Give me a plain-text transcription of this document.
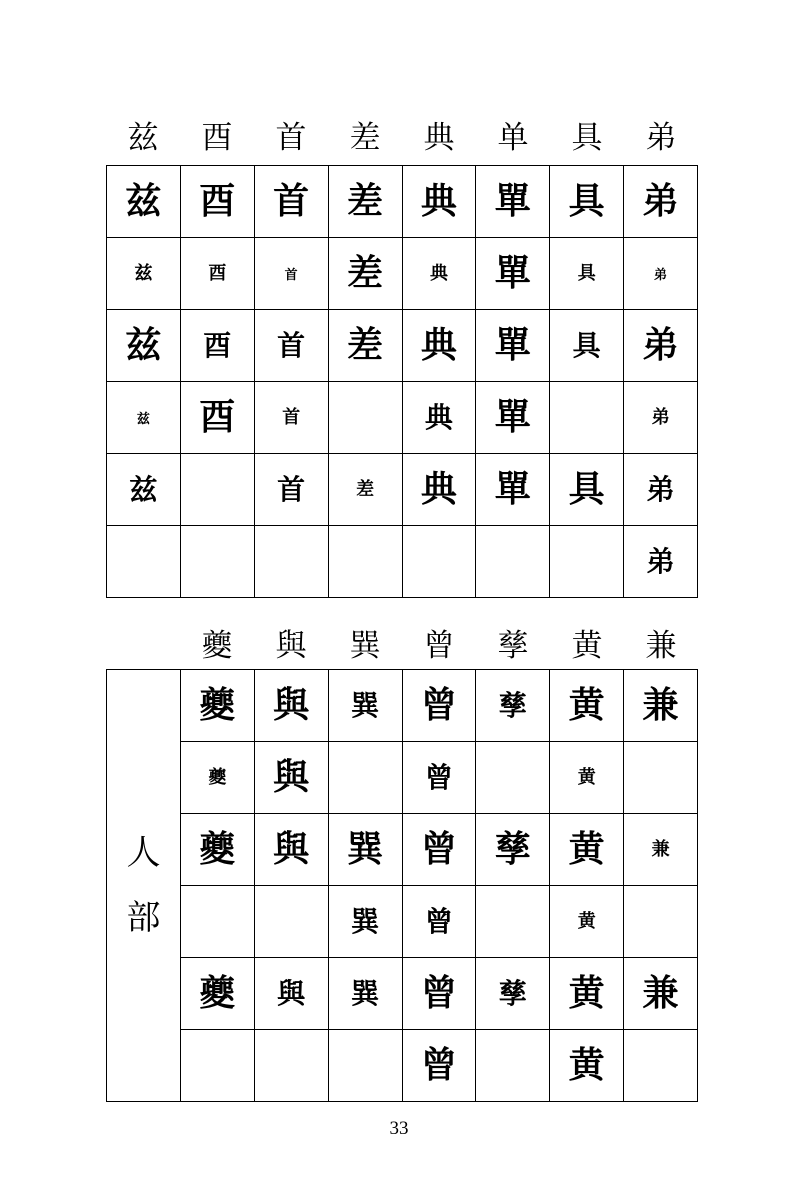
兹	酉	首	差	典	单	具	弟
兹	酉	首	差	典	單	具	弟
兹	酉	首	差	典	單	具	弟
兹	酉	首	差	典	單	具	弟
兹	酉	首		典	單		弟
兹		首	差	典	單	具	弟
							弟
夔	與	巽	曾	孳	黄	兼
人
部	夔	與	巽	曾	孳	黄	兼
	夔	與		曾		黄	
	夔	與	巽	曾	孳	黄	兼
			巽	曾		黄	
	夔	與	巽	曾	孳	黄	兼
				曾		黄	
33
